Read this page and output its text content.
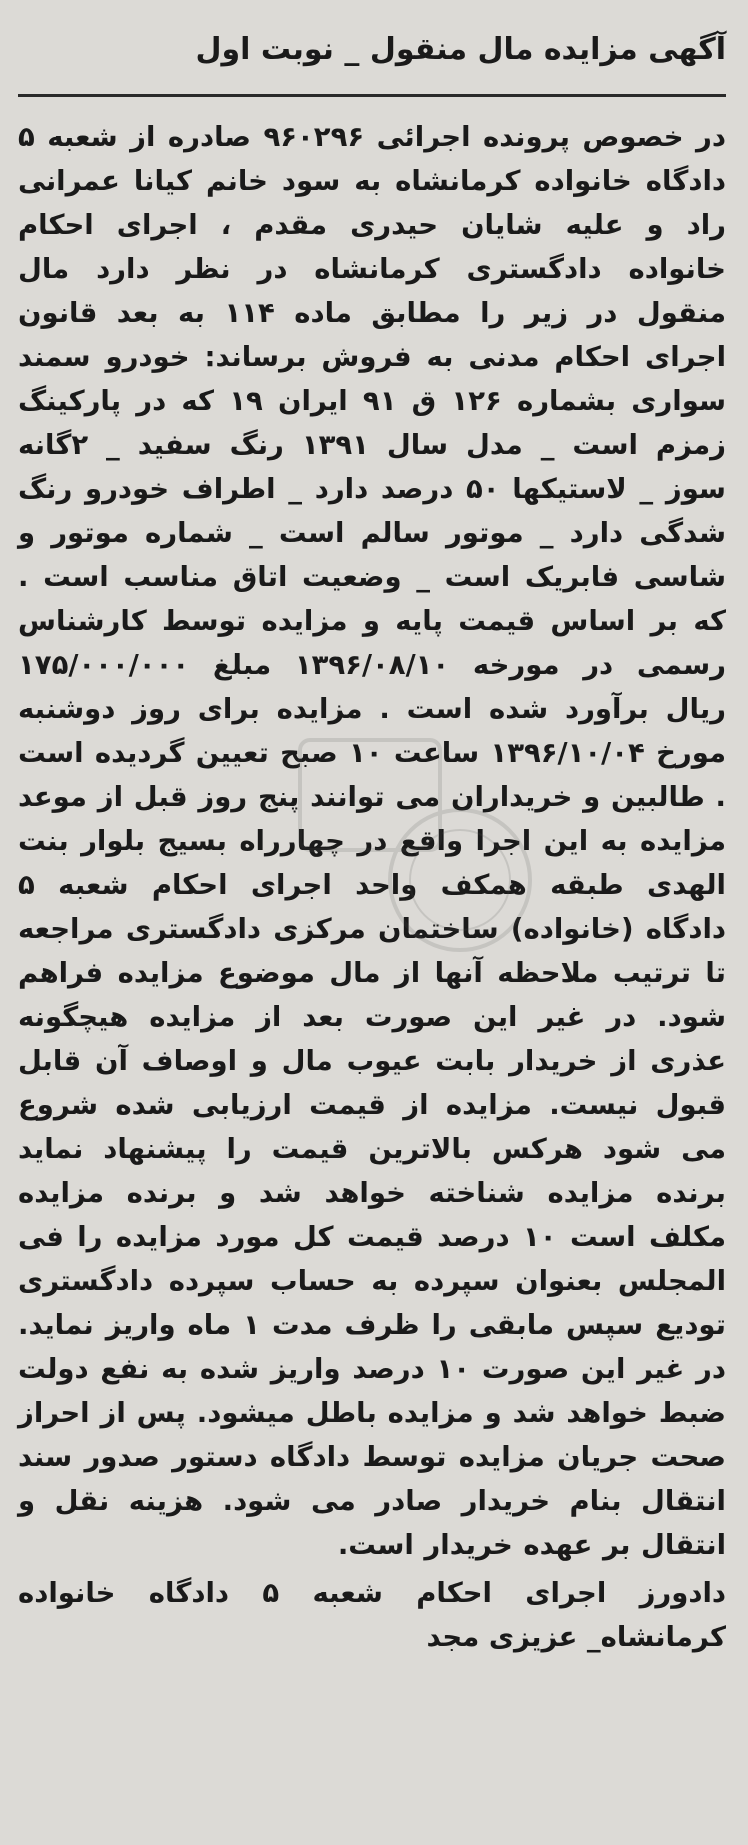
آگهی مزایده مال منقول _ نوبت اول

در خصوص پرونده اجرائی ۹۶۰۲۹۶ صادره از شعبه ۵ دادگاه خانواده کرمانشاه به سود خانم کیانا عمرانی راد و علیه شایان حیدری مقدم ، اجرای احکام خانواده دادگستری کرمانشاه در نظر دارد مال منقول در زیر را مطابق ماده ۱۱۴ به بعد قانون اجرای احکام مدنی به فروش برساند: خودرو سمند سواری بشماره ۱۲۶ ق ۹۱ ایران ۱۹ که در پارکینگ زمزم است _ مدل سال ۱۳۹۱ رنگ سفید _ ۲گانه سوز _ لاستیکها ۵۰ درصد دارد _ اطراف خودرو رنگ شدگی دارد _ موتور سالم است _ شماره موتور و شاسی فابریک است _ وضعیت اتاق مناسب است . که بر اساس قیمت پایه و مزایده توسط کارشناس رسمی در مورخه ۱۳۹۶/۰۸/۱۰ مبلغ ۱۷۵/۰۰۰/۰۰۰ ریال برآورد شده است . مزایده برای روز دوشنبه مورخ ۱۳۹۶/۱۰/۰۴ ساعت ۱۰ صبح تعیین گردیده است . طالبین و خریداران می توانند پنج روز قبل از موعد مزایده به این اجرا واقع در چهارراه بسیج بلوار بنت الهدی طبقه همکف واحد اجرای احکام شعبه ۵ دادگاه (خانواده) ساختمان مرکزی دادگستری مراجعه تا ترتیب ملاحظه آنها از مال موضوع مزایده فراهم شود. در غیر این صورت بعد از مزایده هیچگونه عذری از خریدار بابت عیوب مال و اوصاف آن قابل قبول نیست. مزایده از قیمت ارزیابی شده شروع می شود هرکس بالاترین قیمت را پیشنهاد نماید برنده مزایده شناخته خواهد شد و برنده مزایده مکلف است ۱۰ درصد قیمت کل مورد مزایده را فی المجلس بعنوان سپرده به حساب سپرده دادگستری تودیع سپس مابقی را ظرف مدت ۱ ماه واریز نماید. در غیر این صورت ۱۰ درصد واریز شده به نفع دولت ضبط خواهد شد و مزایده باطل میشود. پس از احراز صحت جریان مزایده توسط دادگاه دستور صدور سند انتقال بنام خریدار صادر می شود. هزینه نقل و انتقال بر عهده خریدار است.

دادورز اجرای احکام شعبه ۵ دادگاه خانواده کرمانشاه_ عزیزی مجد
